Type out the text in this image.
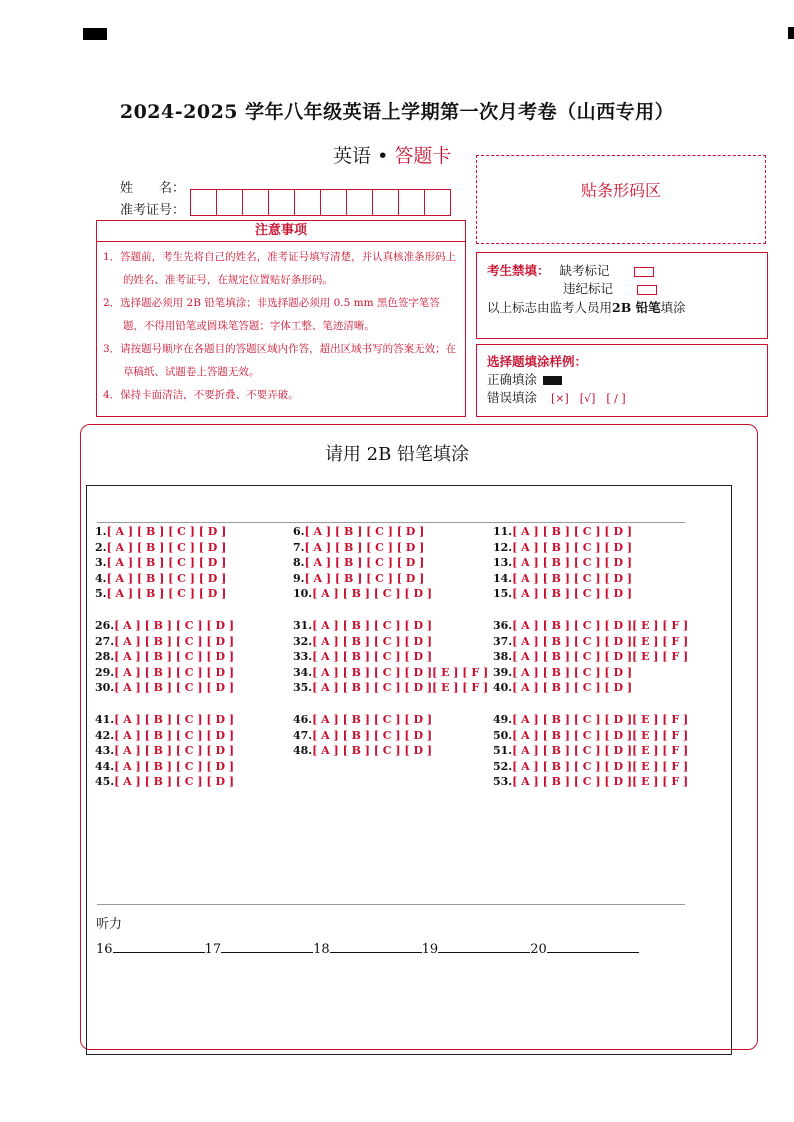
2024-2025 学年八年级英语上学期第一次月考卷（山西专用）
英语 • 答题卡
姓　　名：
准考证号：
贴条形码区
注意事项
1．答题前，考生先将自己的姓名，准考证号填写清楚，并认真核准条形码上的姓名、准考证号，在规定位置贴好条形码。
2．选择题必须用 2B 铅笔填涂；非选择题必须用 0.5 mm 黑色签字笔答题，不得用铅笔或圆珠笔答题；字体工整、笔迹清晰。
3．请按题号顺序在各题目的答题区域内作答，超出区域书写的答案无效；在草稿纸、试题卷上答题无效。
4．保持卡面清洁，不要折叠、不要弄破。
考生禁填： 缺考标记
违纪标记
以上标志由监考人员用2B 铅笔填涂
选择题填涂样例：
正确填涂
错误填涂 [×]　[√]　[ / ]
请用 2B 铅笔填涂
1.[ A ] [ B ] [ C ] [ D ]
2.[ A ] [ B ] [ C ] [ D ]
3.[ A ] [ B ] [ C ] [ D ]
4.[ A ] [ B ] [ C ] [ D ]
5.[ A ] [ B ] [ C ] [ D ]
26.[ A ] [ B ] [ C ] [ D ]
27.[ A ] [ B ] [ C ] [ D ]
28.[ A ] [ B ] [ C ] [ D ]
29.[ A ] [ B ] [ C ] [ D ]
30.[ A ] [ B ] [ C ] [ D ]
41.[ A ] [ B ] [ C ] [ D ]
42.[ A ] [ B ] [ C ] [ D ]
43.[ A ] [ B ] [ C ] [ D ]
44.[ A ] [ B ] [ C ] [ D ]
45.[ A ] [ B ] [ C ] [ D ]
6.[ A ] [ B ] [ C ] [ D ]
7.[ A ] [ B ] [ C ] [ D ]
8.[ A ] [ B ] [ C ] [ D ]
9.[ A ] [ B ] [ C ] [ D ]
10.[ A ] [ B ] [ C ] [ D ]
31.[ A ] [ B ] [ C ] [ D ]
32.[ A ] [ B ] [ C ] [ D ]
33.[ A ] [ B ] [ C ] [ D ]
34.[ A ] [ B ] [ C ] [ D ][ E ] [ F ]
35.[ A ] [ B ] [ C ] [ D ][ E ] [ F ]
46.[ A ] [ B ] [ C ] [ D ]
47.[ A ] [ B ] [ C ] [ D ]
48.[ A ] [ B ] [ C ] [ D ]
11.[ A ] [ B ] [ C ] [ D ]
12.[ A ] [ B ] [ C ] [ D ]
13.[ A ] [ B ] [ C ] [ D ]
14.[ A ] [ B ] [ C ] [ D ]
15.[ A ] [ B ] [ C ] [ D ]
36.[ A ] [ B ] [ C ] [ D ][ E ] [ F ]
37.[ A ] [ B ] [ C ] [ D ][ E ] [ F ]
38.[ A ] [ B ] [ C ] [ D ][ E ] [ F ]
39.[ A ] [ B ] [ C ] [ D ]
40.[ A ] [ B ] [ C ] [ D ]
49.[ A ] [ B ] [ C ] [ D ][ E ] [ F ]
50.[ A ] [ B ] [ C ] [ D ][ E ] [ F ]
51.[ A ] [ B ] [ C ] [ D ][ E ] [ F ]
52.[ A ] [ B ] [ C ] [ D ][ E ] [ F ]
53.[ A ] [ B ] [ C ] [ D ][ E ] [ F ]
听力
16	17	18	19	20
